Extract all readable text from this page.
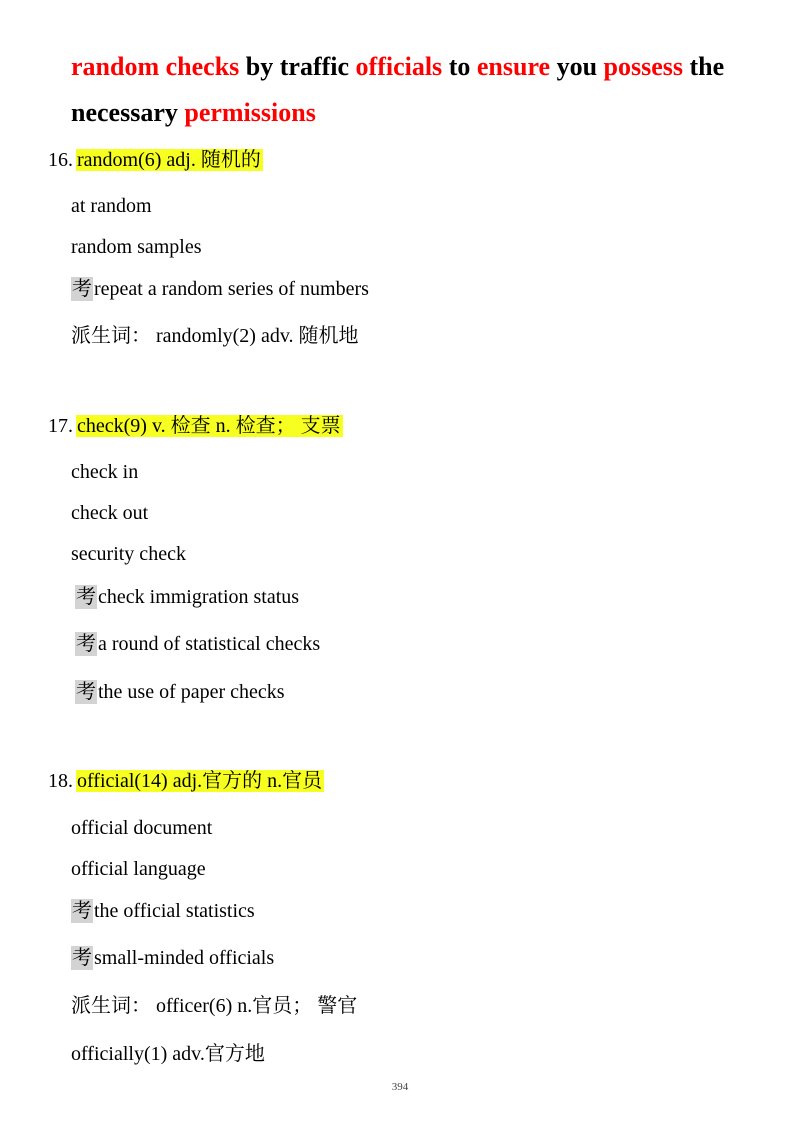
random checks by traffic officials to ensure you possess the necessary permissions
16. random(6) adj. 随机的
at random
random samples
考 repeat a random series of numbers
派生词： randomly(2) adv. 随机地
17. check(9) v. 检查 n. 检查； 支票
check in
check out
security check
考 check immigration status
考 a round of statistical checks
考 the use of paper checks
18. official(14) adj.官方的 n.官员
official document
official language
考 the official statistics
考 small-minded officials
派生词： officer(6) n.官员； 警官
officially(1) adv.官方地
394
